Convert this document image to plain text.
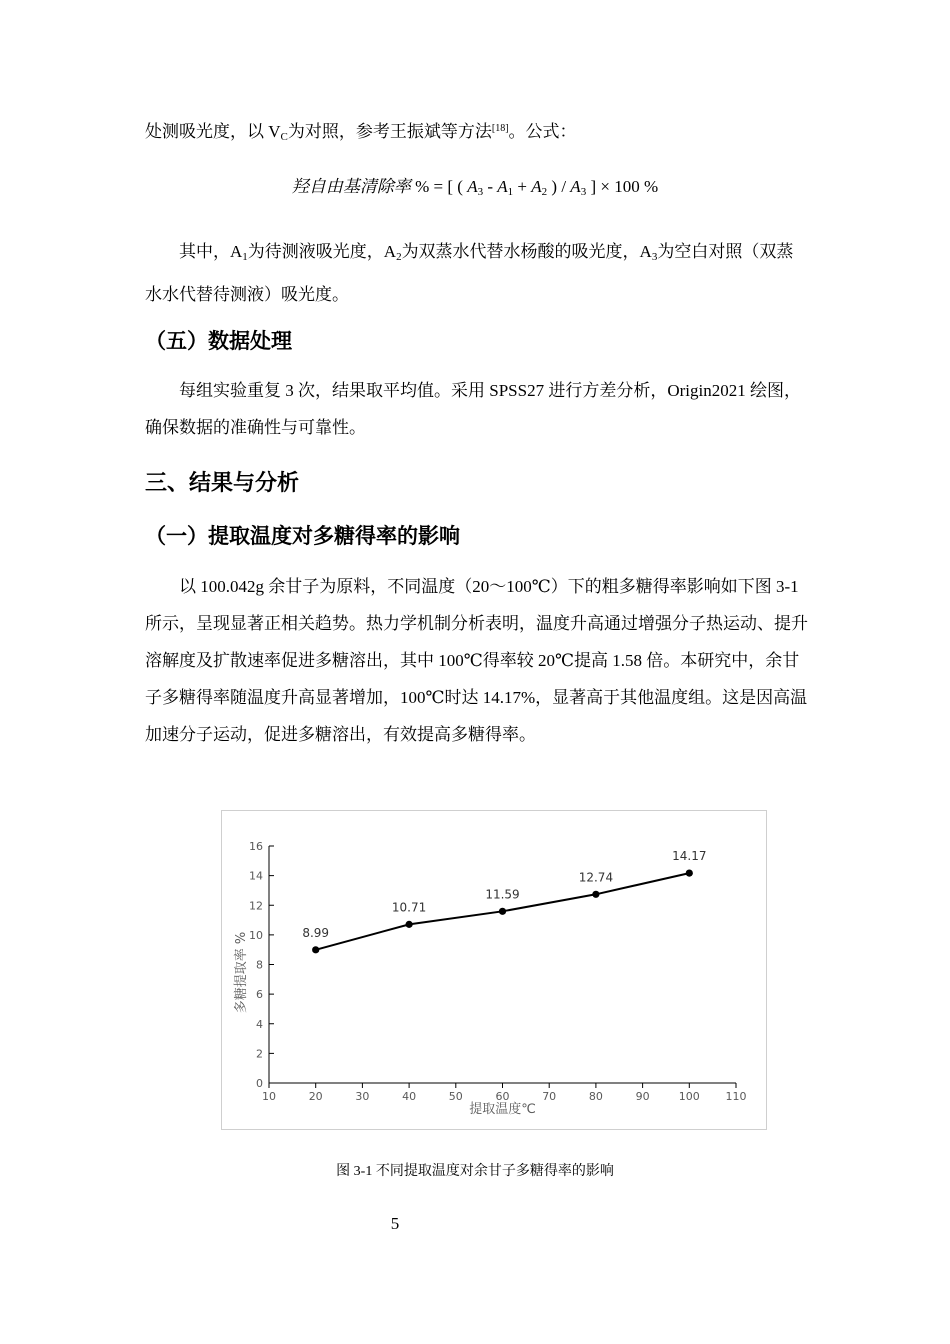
处测吸光度，以 $V_C$为对照，参考王振斌等方法[18]。公式：

羟自由基清除率 % = [ ( $A_3 - A_1 + A_2$ ) / $A_3$ ] × 100 %

其中，$A_1$为待测液吸光度，$A_2$为双蒸水代替水杨酸的吸光度，$A_3$为空白对照（双蒸水水代替待测液）吸光度。

（五）数据处理

每组实验重复 3 次，结果取平均值。采用 SPSS27 进行方差分析，Origin2021 绘图，确保数据的准确性与可靠性。

三、结果与分析
（一）提取温度对多糖得率的影响

以 100.042g 余甘子为原料，不同温度（20～100℃）下的粗多糖得率影响如下图 3-1 所示，呈现显著正相关趋势。热力学机制分析表明，温度升高通过增强分子热运动、提升溶解度及扩散速率促进多糖溶出，其中 100℃得率较 20℃提高 1.58 倍。本研究中，余甘子多糖得率随温度升高显著增加，100℃时达 14.17%，显著高于其他温度组。这是因高温加速分子运动，促进多糖溶出，有效提高多糖得率。

0
2
4
6
8
10
12
14
16
10	20	30	40	50	60	70	80	90	100 110
提取温度℃
多糖提取率 %	8.99
10.71
11.59
12.74
14.17
图 3-1 不同提取温度对余甘子多糖得率的影响
5
